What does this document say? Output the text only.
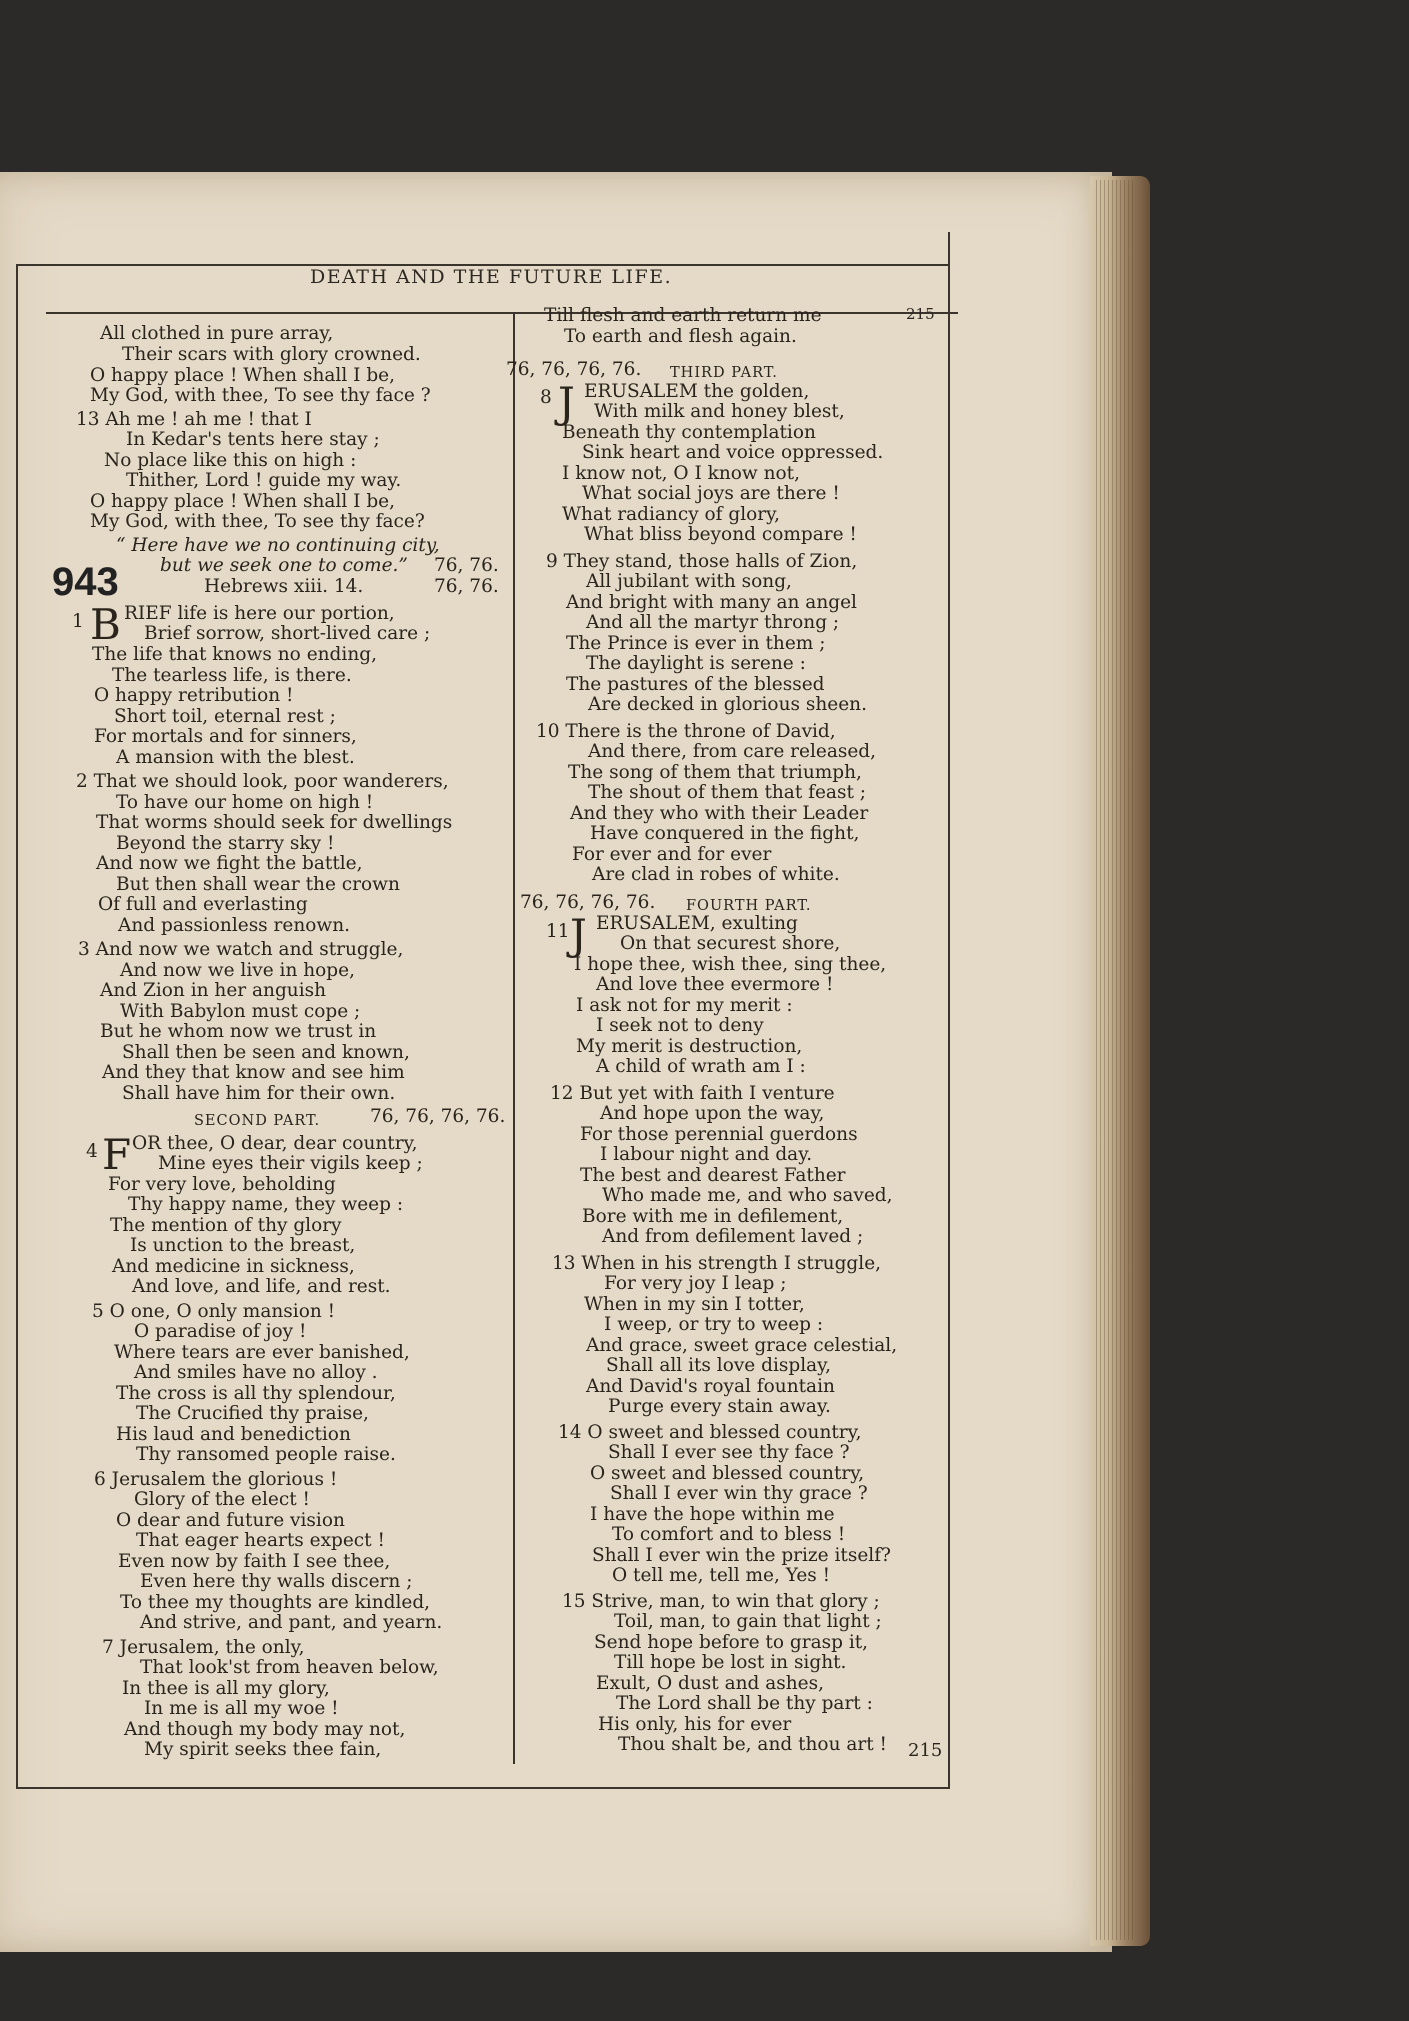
DEATH AND THE FUTURE LIFE.
215
All clothed in pure array,
Their scars with glory crowned.
O happy place ! When shall I be,
My God, with thee, To see thy face ?
13 Ah me ! ah me ! that I
In Kedar's tents here stay ;
No place like this on high :
Thither, Lord ! guide my way.
O happy place ! When shall I be,
My God, with thee, To see thy face?
“ Here have we no continuing city,
but we seek one to come.” 76, 76.
Hebrews xiii. 14.	76, 76.
1 B RIEF life is here our portion,
Brief sorrow, short-lived care ;
The life that knows no ending,
The tearless life, is there.
O happy retribution !
Short toil, eternal rest ;
For mortals and for sinners,
A mansion with the blest.
2 That we should look, poor wanderers,
To have our home on high !
That worms should seek for dwellings
Beyond the starry sky !
And now we fight the battle,
But then shall wear the crown
Of full and everlasting
And passionless renown.
3 And now we watch and struggle,
And now we live in hope,
And Zion in her anguish
With Babylon must cope ;
But he whom now we trust in
Shall then be seen and known,
And they that know and see him
Shall have him for their own.
SECOND PART.	76, 76, 76, 76.
4 F OR thee, O dear, dear country,
Mine eyes their vigils keep ;
For very love, beholding
Thy happy name, they weep :
The mention of thy glory
Is unction to the breast,
And medicine in sickness,
And love, and life, and rest.
5 O one, O only mansion !
O paradise of joy !
Where tears are ever banished,
And smiles have no alloy .
The cross is all thy splendour,
The Crucified thy praise,
His laud and benediction
Thy ransomed people raise.
6 Jerusalem the glorious !
Glory of the elect !
O dear and future vision
That eager hearts expect !
Even now by faith I see thee,
Even here thy walls discern ;
To thee my thoughts are kindled,
And strive, and pant, and yearn.
7 Jerusalem, the only,
That look'st from heaven below,
In thee is all my glory,
In me is all my woe !
And though my body may not,
My spirit seeks thee fain,
943
Till flesh and earth return me
To earth and flesh again.
76, 76, 76, 76. THIRD PART.
8 J ERUSALEM the golden,
With milk and honey blest,
Beneath thy contemplation
Sink heart and voice oppressed.
I know not, O I know not,
What social joys are there !
What radiancy of glory,
What bliss beyond compare !
9 They stand, those halls of Zion,
All jubilant with song,
And bright with many an angel
And all the martyr throng ;
The Prince is ever in them ;
The daylight is serene :
The pastures of the blessed
Are decked in glorious sheen.
10 There is the throne of David,
And there, from care released,
The song of them that triumph,
The shout of them that feast ;
And they who with their Leader
Have conquered in the fight,
For ever and for ever
Are clad in robes of white.
76, 76, 76, 76. FOURTH PART.
11 J ERUSALEM, exulting
On that securest shore,
I hope thee, wish thee, sing thee,
And love thee evermore !
I ask not for my merit :
I seek not to deny
My merit is destruction,
A child of wrath am I :
12 But yet with faith I venture
And hope upon the way,
For those perennial guerdons
I labour night and day.
The best and dearest Father
Who made me, and who saved,
Bore with me in defilement,
And from defilement laved ;
13 When in his strength I struggle,
For very joy I leap ;
When in my sin I totter,
I weep, or try to weep :
And grace, sweet grace celestial,
Shall all its love display,
And David's royal fountain
Purge every stain away.
14 O sweet and blessed country,
Shall I ever see thy face ?
O sweet and blessed country,
Shall I ever win thy grace ?
I have the hope within me
To comfort and to bless !
Shall I ever win the prize itself?
O tell me, tell me, Yes !
15 Strive, man, to win that glory ;
Toil, man, to gain that light ;
Send hope before to grasp it,
Till hope be lost in sight.
Exult, O dust and ashes,
The Lord shall be thy part :
His only, his for ever
Thou shalt be, and thou art ! 215
